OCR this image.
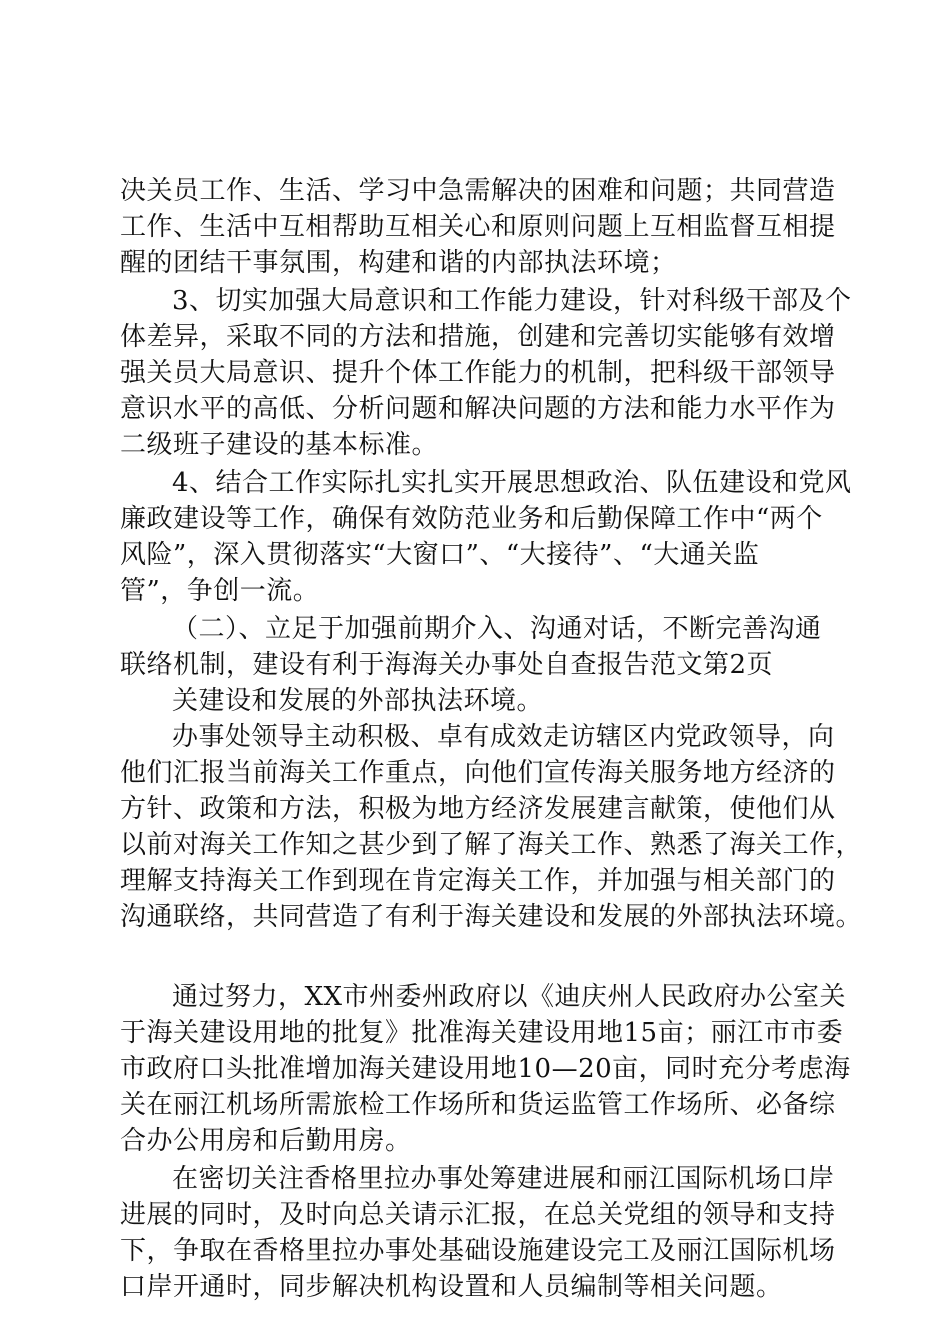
决关员工作、生活、学习中急需解决的困难和问题；共同营造
工作、生活中互相帮助互相关心和原则问题上互相监督互相提
醒的团结干事氛围，构建和谐的内部执法环境；
3、切实加强大局意识和工作能力建设，针对科级干部及个
体差异，采取不同的方法和措施，创建和完善切实能够有效增
强关员大局意识、提升个体工作能力的机制，把科级干部领导
意识水平的高低、分析问题和解决问题的方法和能力水平作为
二级班子建设的基本标准。
4、结合工作实际扎实扎实开展思想政治、队伍建设和党风
廉政建设等工作，确保有效防范业务和后勤保障工作中“两个
风险”，深入贯彻落实“大窗口”、“大接待”、“大通关监
管”，争创一流。
（二）、立足于加强前期介入、沟通对话，不断完善沟通
联络机制，建设有利于海海关办事处自查报告范文第2页
关建设和发展的外部执法环境。
办事处领导主动积极、卓有成效走访辖区内党政领导，向
他们汇报当前海关工作重点，向他们宣传海关服务地方经济的
方针、政策和方法，积极为地方经济发展建言献策，使他们从
以前对海关工作知之甚少到了解了海关工作、熟悉了海关工作，
理解支持海关工作到现在肯定海关工作，并加强与相关部门的
沟通联络，共同营造了有利于海关建设和发展的外部执法环境。
通过努力，XX市州委州政府以《迪庆州人民政府办公室关
于海关建设用地的批复》批准海关建设用地15亩；丽江市市委
市政府口头批准增加海关建设用地10—20亩，同时充分考虑海
关在丽江机场所需旅检工作场所和货运监管工作场所、必备综
合办公用房和后勤用房。
在密切关注香格里拉办事处筹建进展和丽江国际机场口岸
进展的同时，及时向总关请示汇报，在总关党组的领导和支持
下，争取在香格里拉办事处基础设施建设完工及丽江国际机场
口岸开通时，同步解决机构设置和人员编制等相关问题。
